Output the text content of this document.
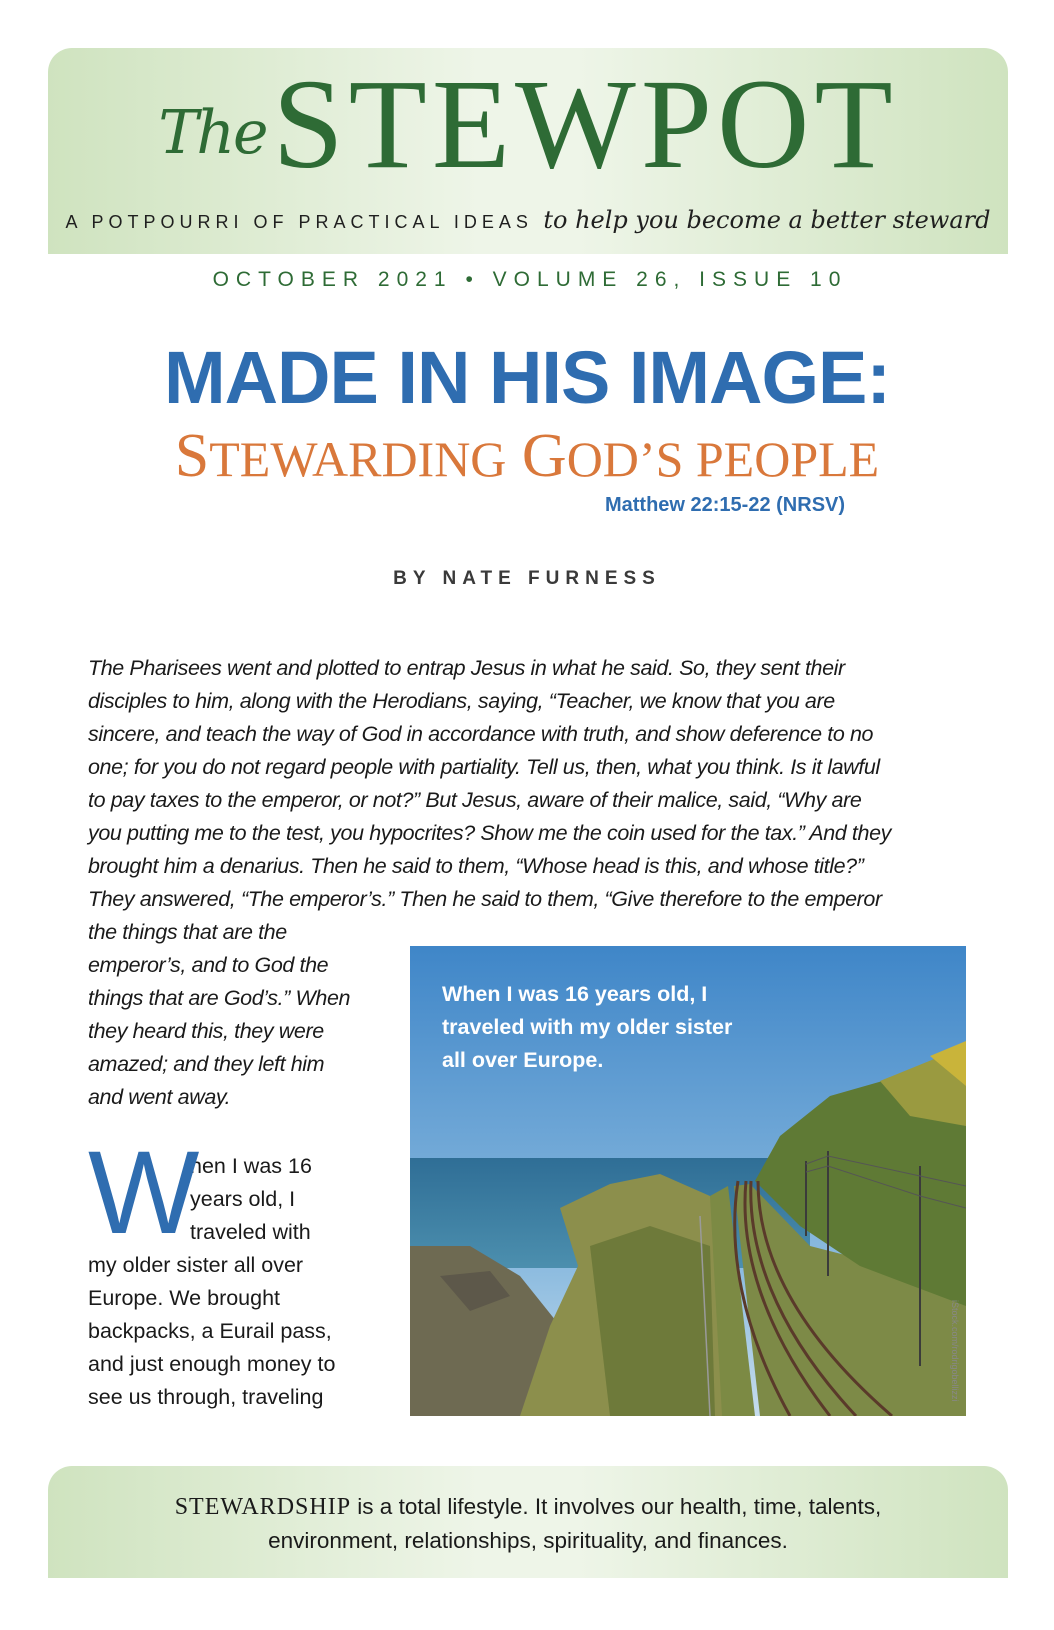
TheSTEWPOT
A POTPOURRI OF PRACTICAL IDEAS to help you become a better steward
OCTOBER 2021 • VOLUME 26, ISSUE 10
MADE IN HIS IMAGE:
STEWARDING GOD’S PEOPLE
Matthew 22:15-22 (NRSV)
BY NATE FURNESS
The Pharisees went and plotted to entrap Jesus in what he said. So, they sent their
disciples to him, along with the Herodians, saying, “Teacher, we know that you are
sincere, and teach the way of God in accordance with truth, and show deference to no
one; for you do not regard people with partiality. Tell us, then, what you think. Is it lawful
to pay taxes to the emperor, or not?” But Jesus, aware of their malice, said, “Why are
you putting me to the test, you hypocrites? Show me the coin used for the tax.” And they
brought him a denarius. Then he said to them, “Whose head is this, and whose title?”
They answered, “The emperor’s.” Then he said to them, “Give therefore to the emperor
the things that are the
emperor’s, and to God the
things that are God’s.” When
they heard this, they were
amazed; and they left him
and went away.
W
hen I was 16
years old, I
traveled with
my older sister all over
Europe. We brought
backpacks, a Eurail pass,
and just enough money to
see us through, traveling
When I was 16 years old, I
traveled with my older sister
all over Europe.
iStock.com/rodrigobellizzi
STEWARDSHIP is a total lifestyle. It involves our health, time, talents,
environment, relationships, spirituality, and finances.
